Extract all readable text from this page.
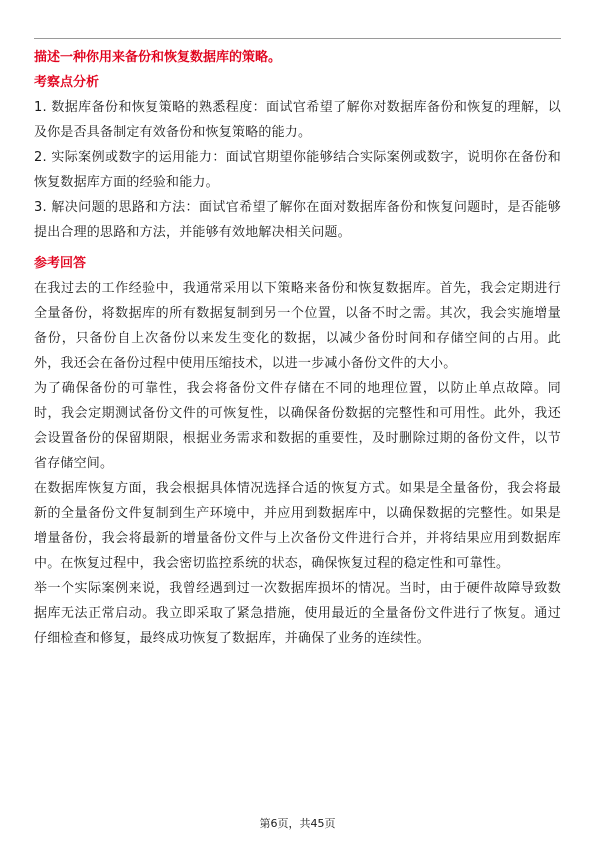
描述一种你用来备份和恢复数据库的策略。

考察点分析

1. 数据库备份和恢复策略的熟悉程度：面试官希望了解你对数据库备份和恢复的理解，以及你是否具备制定有效备份和恢复策略的能力。

2. 实际案例或数字的运用能力：面试官期望你能够结合实际案例或数字，说明你在备份和恢复数据库方面的经验和能力。

3. 解决问题的思路和方法：面试官希望了解你在面对数据库备份和恢复问题时，是否能够提出合理的思路和方法，并能够有效地解决相关问题。

参考回答

在我过去的工作经验中，我通常采用以下策略来备份和恢复数据库。首先，我会定期进行全量备份，将数据库的所有数据复制到另一个位置，以备不时之需。其次，我会实施增量备份，只备份自上次备份以来发生变化的数据，以减少备份时间和存储空间的占用。此外，我还会在备份过程中使用压缩技术，以进一步减小备份文件的大小。

为了确保备份的可靠性，我会将备份文件存储在不同的地理位置，以防止单点故障。同时，我会定期测试备份文件的可恢复性，以确保备份数据的完整性和可用性。此外，我还会设置备份的保留期限，根据业务需求和数据的重要性，及时删除过期的备份文件，以节省存储空间。

在数据库恢复方面，我会根据具体情况选择合适的恢复方式。如果是全量备份，我会将最新的全量备份文件复制到生产环境中，并应用到数据库中，以确保数据的完整性。如果是增量备份，我会将最新的增量备份文件与上次备份文件进行合并，并将结果应用到数据库中。在恢复过程中，我会密切监控系统的状态，确保恢复过程的稳定性和可靠性。

举一个实际案例来说，我曾经遇到过一次数据库损坏的情况。当时，由于硬件故障导致数据库无法正常启动。我立即采取了紧急措施，使用最近的全量备份文件进行了恢复。通过仔细检查和修复，最终成功恢复了数据库，并确保了业务的连续性。

第6页，共45页
